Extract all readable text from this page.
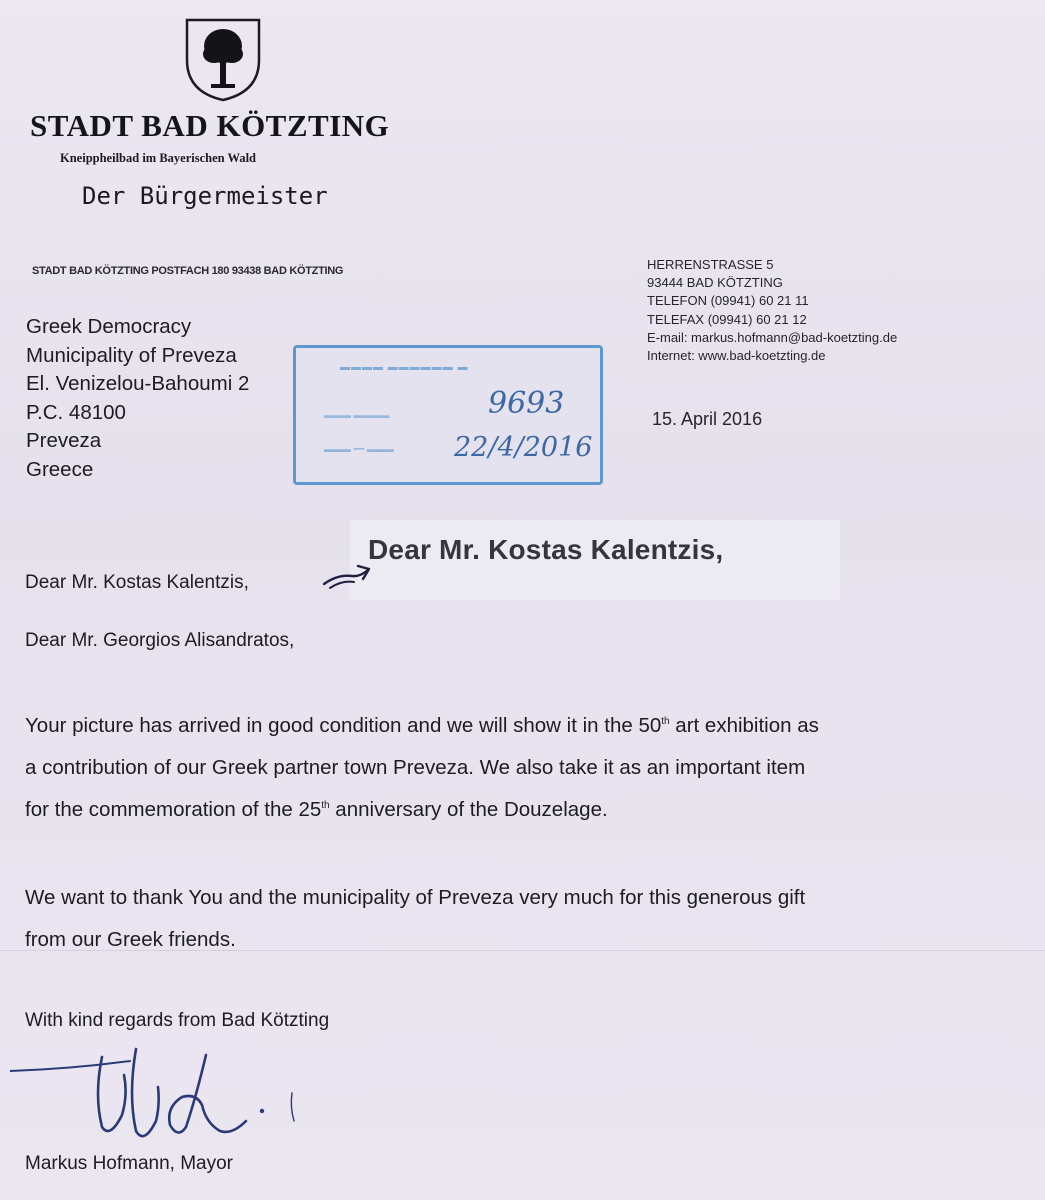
STADT BAD KÖTZTING
Kneippheilbad im Bayerischen Wald
Der Bürgermeister
STADT BAD KÖTZTING POSTFACH 180 93438 BAD KÖTZTING
Greek Democracy
Municipality of Preveza
El. Venizelou-Bahoumi 2
P.C. 48100
Preveza
Greece
HERRENSTRASSE 5
93444 BAD KÖTZTING
TELEFON (09941) 60 21 11
TELEFAX (09941) 60 21 12
E-mail: markus.hofmann@bad-koetzting.de
Internet: www.bad-koetzting.de
15. April 2016
▬▬▬▬ ▬▬▬▬▬▬ ▬
▬▬▬ ▬▬▬▬
▬▬▬ ━━ ▬▬▬
9693
22/4/2016
Dear Mr. Kostas Kalentzis,
Dear Mr. Kostas Kalentzis,
Dear Mr. Georgios Alisandratos,
Your picture has arrived in good condition and we will show it in the 50th art exhibition as
a contribution of our Greek partner town Preveza. We also take it as an important item
for the commemoration of the 25th anniversary of the Douzelage.
We want to thank You and the municipality of Preveza very much for this generous gift
from our Greek friends.
With kind regards from Bad Kötzting
Markus Hofmann, Mayor
